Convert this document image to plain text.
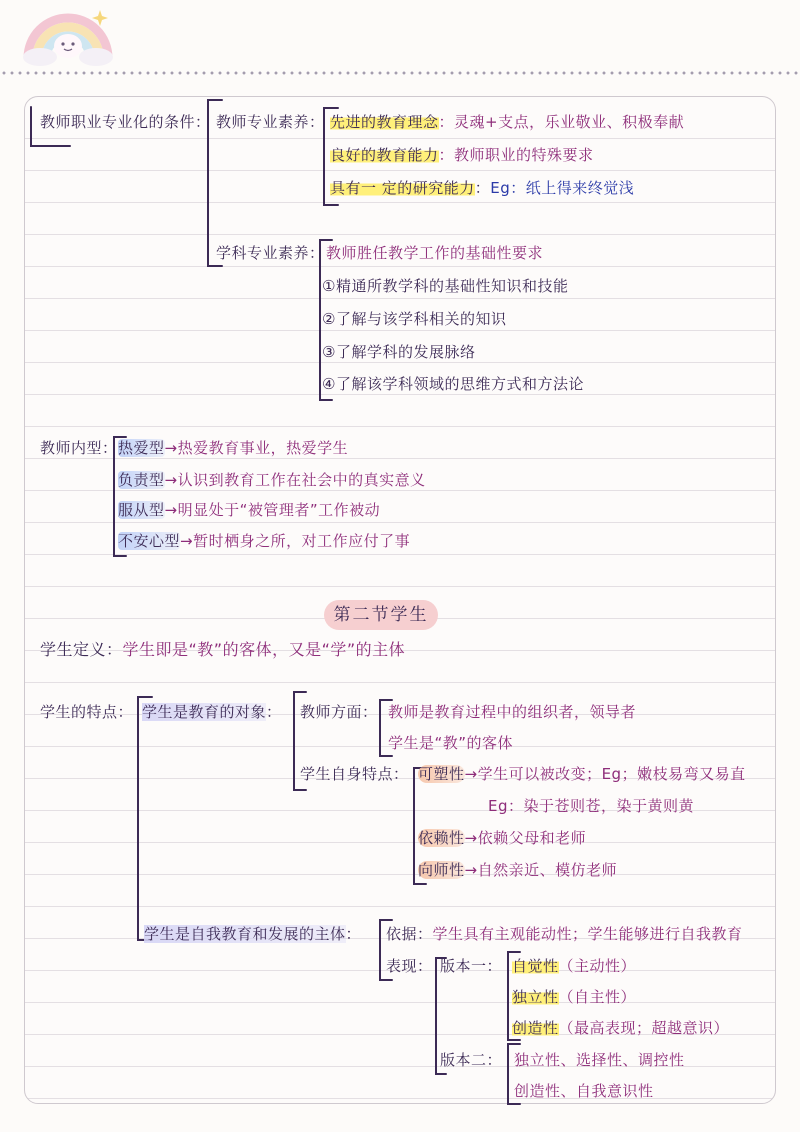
教师职业专业化的条件： 教师专业素养： 先进的教育理念：灵魂+支点，乐业敬业、积极奉献
良好的教育能力：教师职业的特殊要求
具有一 定的研究能力：Eg：纸上得来终觉浅
学科专业素养： 教师胜任教学工作的基础性要求
①精通所教学科的基础性知识和技能
②了解与该学科相关的知识
③了解学科的发展脉络
④了解该学科领域的思维方式和方法论
教师内型： 热爱型→热爱教育事业，热爱学生
负责型→认识到教育工作在社会中的真实意义
服从型→明显处于“被管理者”工作被动
不安心型→暂时栖身之所，对工作应付了事
第二节学生
学生定义：学生即是“教”的客体，又是“学”的主体
学生的特点： 学生是教育的对象： 教师方面： 教师是教育过程中的组织者，领导者
学生是“教”的客体
学生自身特点： 可塑性→学生可以被改变；Eg；嫩枝易弯又易直
Eg：染于苍则苍，染于黄则黄
依赖性→依赖父母和老师
向师性→自然亲近、模仿老师
学生是自我教育和发展的主体： 依据：学生具有主观能动性；学生能够进行自我教育
表现： 版本一： 自觉性（主动性）
独立性（自主性）
创造性（最高表现；超越意识）
版本二： 独立性、选择性、调控性
创造性、自我意识性
